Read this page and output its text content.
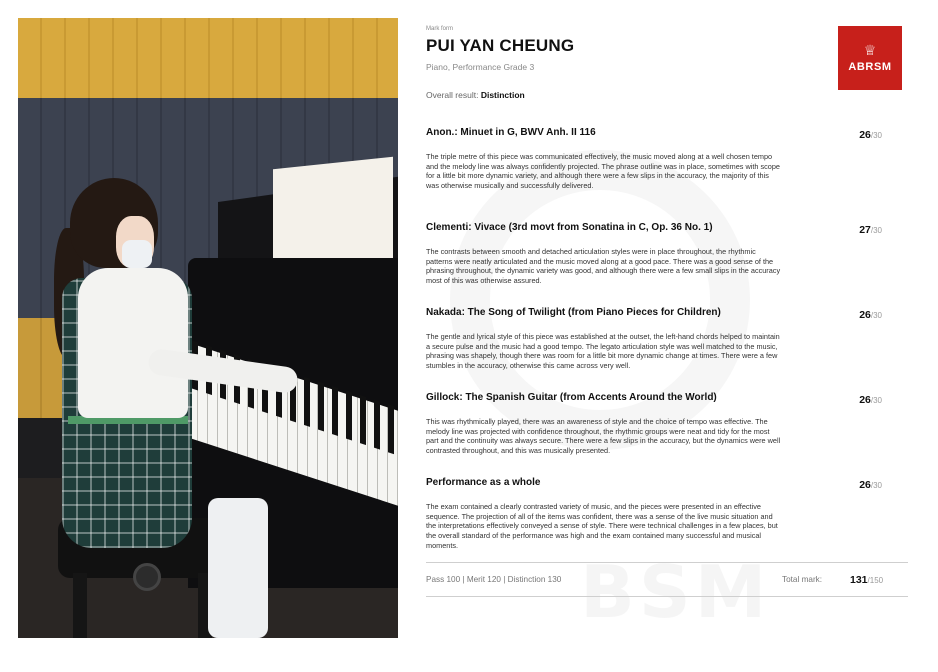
Mark form
PUI YAN CHEUNG
Piano, Performance Grade 3
Overall result: Distinction
♕
ABRSM
Anon.: Minuet in G, BWV Anh. II 116	26/30
The triple metre of this piece was communicated effectively, the music moved along at a well chosen tempo and the melody line was always confidently projected. The phrase outline was in place, sometimes with scope for a little bit more dynamic variety, and although there were a few slips in the accuracy, the majority of this was otherwise musically and successfully delivered.
Clementi: Vivace (3rd movt from Sonatina in C, Op. 36 No. 1)	27/30
The contrasts between smooth and detached articulation styles were in place throughout, the rhythmic patterns were neatly articulated and the music moved along at a good pace. There was a good sense of the phrasing throughout, the dynamic variety was good, and although there were a few small slips in the accuracy most of this was otherwise assured.
Nakada: The Song of Twilight (from Piano Pieces for Children)	26/30
The gentle and lyrical style of this piece was established at the outset, the left-hand chords helped to maintain a secure pulse and the music had a good tempo. The legato articulation style was well matched to the music, phrasing was shapely, though there was room for a little bit more dynamic change at times. There were a few stumbles in the accuracy, otherwise this came across very well.
Gillock: The Spanish Guitar (from Accents Around the World)	26/30
This was rhythmically played, there was an awareness of style and the choice of tempo was effective. The melody line was projected with confidence throughout, the rhythmic groups were neat and tidy for the most part and the continuity was always secure. There were a few slips in the accuracy, but the dynamics were well contrasted throughout, and this was musically presented.
Performance as a whole	26/30
The exam contained a clearly contrasted variety of music, and the pieces were presented in an effective sequence. The projection of all of the items was confident, there was a sense of the live music situation and the interpretations effectively conveyed a sense of style. There were technical challenges in a few places, but the overall standard of the performance was high and the exam contained many successful and musical moments.
Pass 100 | Merit 120 | Distinction 130	Total mark:	131/150
